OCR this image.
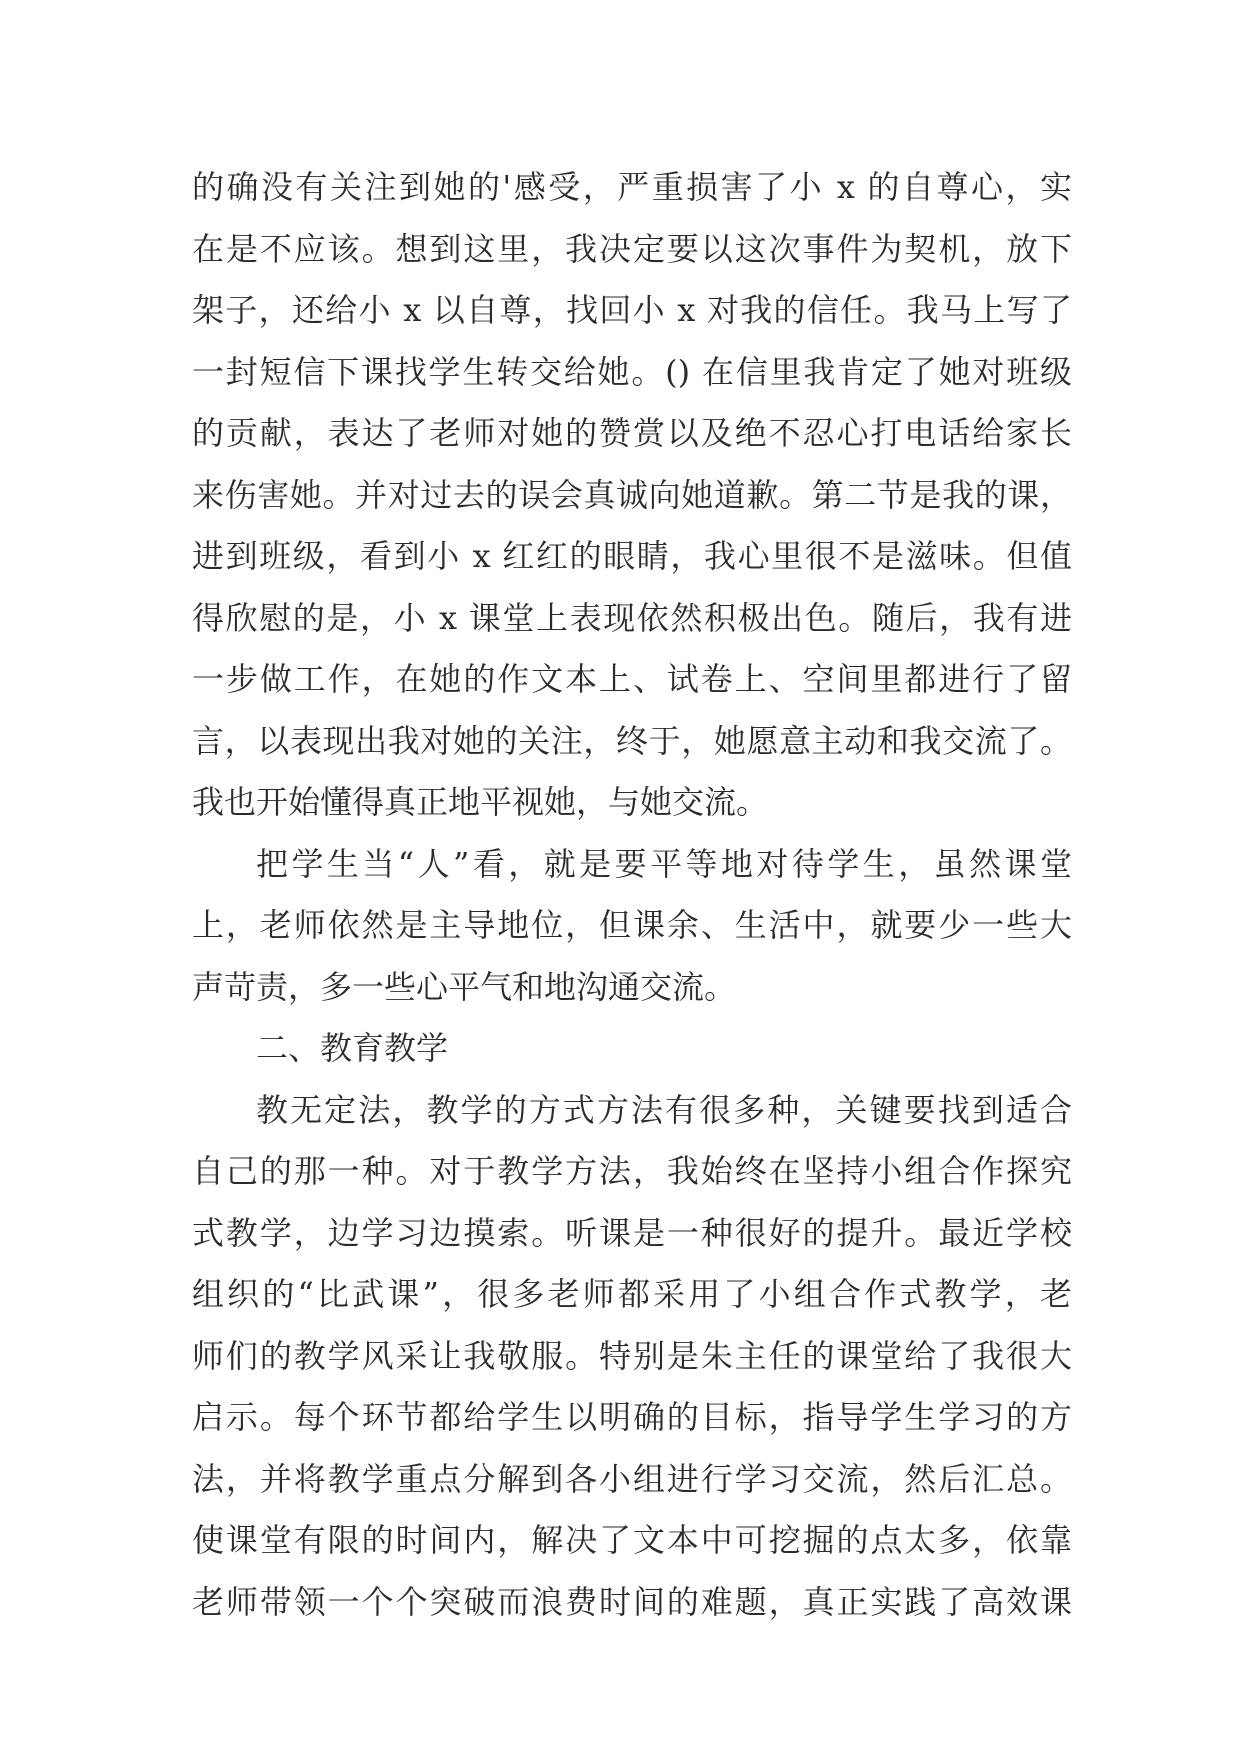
的确没有关注到她的'感受，严重损害了小 x 的自尊心，实
在是不应该。想到这里，我决定要以这次事件为契机，放下
架子，还给小 x 以自尊，找回小 x 对我的信任。我马上写了
一封短信下课找学生转交给她。() 在信里我肯定了她对班级
的贡献，表达了老师对她的赞赏以及绝不忍心打电话给家长
来伤害她。并对过去的误会真诚向她道歉。第二节是我的课，
进到班级，看到小 x 红红的眼睛，我心里很不是滋味。但值
得欣慰的是，小 x 课堂上表现依然积极出色。随后，我有进
一步做工作，在她的作文本上、试卷上、空间里都进行了留
言，以表现出我对她的关注，终于，她愿意主动和我交流了。
我也开始懂得真正地平视她，与她交流。
把学生当“人”看，就是要平等地对待学生，虽然课堂
上，老师依然是主导地位，但课余、生活中，就要少一些大
声苛责，多一些心平气和地沟通交流。
二、教育教学
教无定法，教学的方式方法有很多种，关键要找到适合
自己的那一种。对于教学方法，我始终在坚持小组合作探究
式教学，边学习边摸索。听课是一种很好的提升。最近学校
组织的“比武课”，很多老师都采用了小组合作式教学，老
师们的教学风采让我敬服。特别是朱主任的课堂给了我很大
启示。每个环节都给学生以明确的目标，指导学生学习的方
法，并将教学重点分解到各小组进行学习交流，然后汇总。
使课堂有限的时间内，解决了文本中可挖掘的点太多，依靠
老师带领一个个突破而浪费时间的难题，真正实践了高效课
